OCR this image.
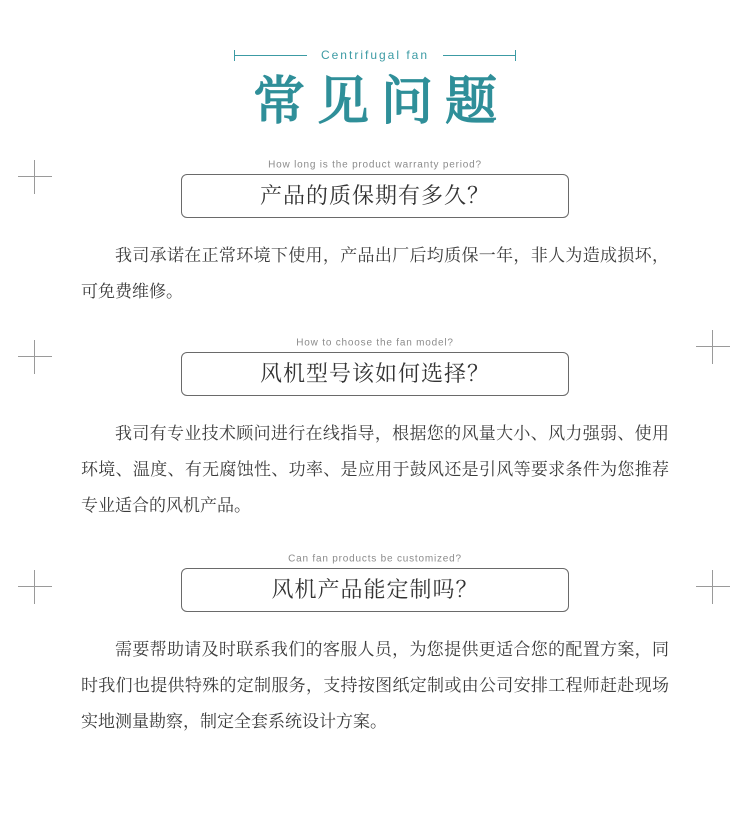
Centrifugal fan
常见问题
产品的质保期有多久？
How long is the product warranty period?

我司承诺在正常环境下使用，产品出厂后均质保一年，非人为造成损坏，可免费维修。

风机型号该如何选择？
How to choose the fan model?

我司有专业技术顾问进行在线指导，根据您的风量大小、风力强弱、使用环境、温度、有无腐蚀性、功率、是应用于鼓风还是引风等要求条件为您推荐专业适合的风机产品。

风机产品能定制吗？
Can fan products be customized?

需要帮助请及时联系我们的客服人员，为您提供更适合您的配置方案，同时我们也提供特殊的定制服务，支持按图纸定制或由公司安排工程师赶赴现场实地测量勘察，制定全套系统设计方案。
